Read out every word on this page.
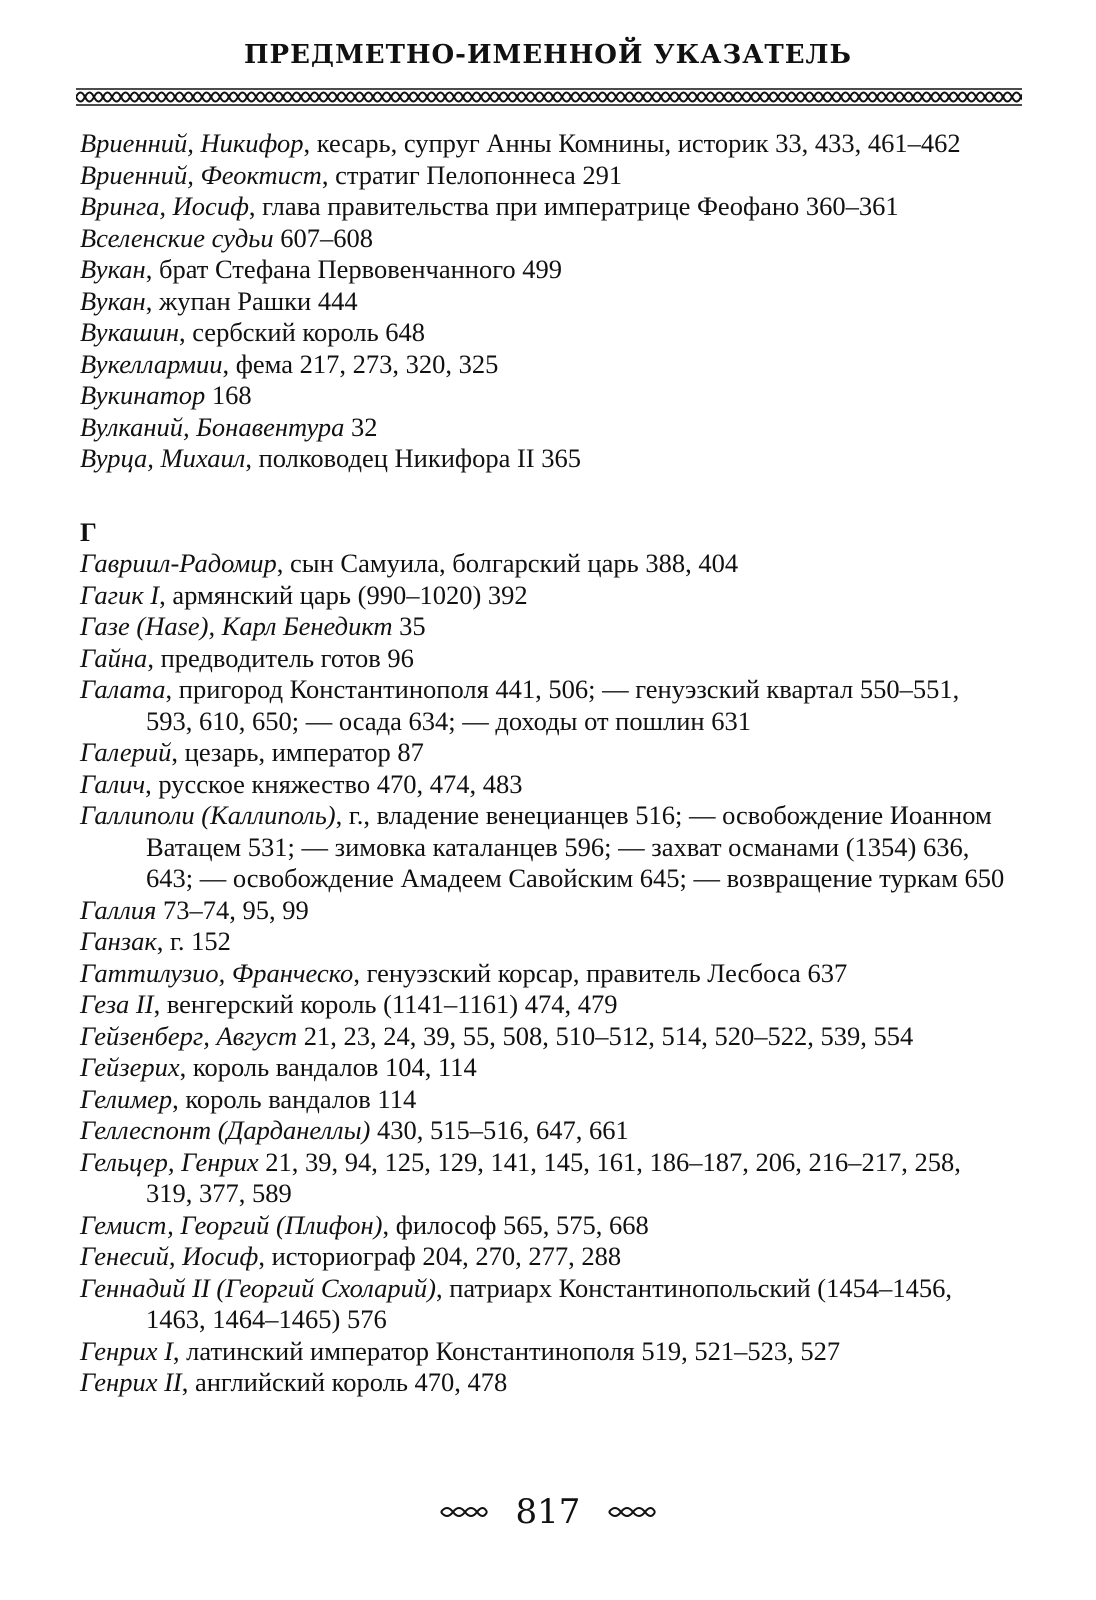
ПРЕДМЕТНО-ИМЕННОЙ УКАЗАТЕЛЬ

Вриенний, Никифор, кесарь, супруг Анны Комнины, историк 33, 433, 461–462

Вриенний, Феоктист, стратиг Пелопоннеса 291

Вринга, Иосиф, глава правительства при императрице Феофано 360–361

Вселенские судьи 607–608

Вукан, брат Стефана Первовенчанного 499

Вукан, жупан Рашки 444

Вукашин, сербский король 648

Вукеллармии, фема 217, 273, 320, 325

Вукинатор 168

Вулканий, Бонавентура 32

Вурца, Михаил, полководец Никифора II 365

Г

Гавриил-Радомир, сын Самуила, болгарский царь 388, 404

Гагик I, армянский царь (990–1020) 392

Газе (Hase), Карл Бенедикт 35

Гайна, предводитель готов 96

Галата, пригород Константинополя 441, 506; — генуэзский квартал 550–551, 593, 610, 650; — осада 634; — доходы от пошлин 631

Галерий, цезарь, император 87

Галич, русское княжество 470, 474, 483

Галлиполи (Каллиполь), г., владение венецианцев 516; — освобождение Иоанном Ватацем 531; — зимовка каталанцев 596; — захват османами (1354) 636, 643; — освобождение Амадеем Савойским 645; — возвращение туркам 650

Галлия 73–74, 95, 99

Ганзак, г. 152

Гаттилузио, Франческо, генуэзский корсар, правитель Лесбоса 637

Геза II, венгерский король (1141–1161) 474, 479

Гейзенберг, Август 21, 23, 24, 39, 55, 508, 510–512, 514, 520–522, 539, 554

Гейзерих, король вандалов 104, 114

Гелимер, король вандалов 114

Геллеспонт (Дарданеллы) 430, 515–516, 647, 661

Гельцер, Генрих 21, 39, 94, 125, 129, 141, 145, 161, 186–187, 206, 216–217, 258, 319, 377, 589

Гемист, Георгий (Плифон), философ 565, 575, 668

Генесий, Иосиф, историограф 204, 270, 277, 288

Геннадий II (Георгий Схоларий), патриарх Константинопольский (1454–1456, 1463, 1464–1465) 576

Генрих I, латинский император Константинополя 519, 521–523, 527

Генрих II, английский король 470, 478

817
